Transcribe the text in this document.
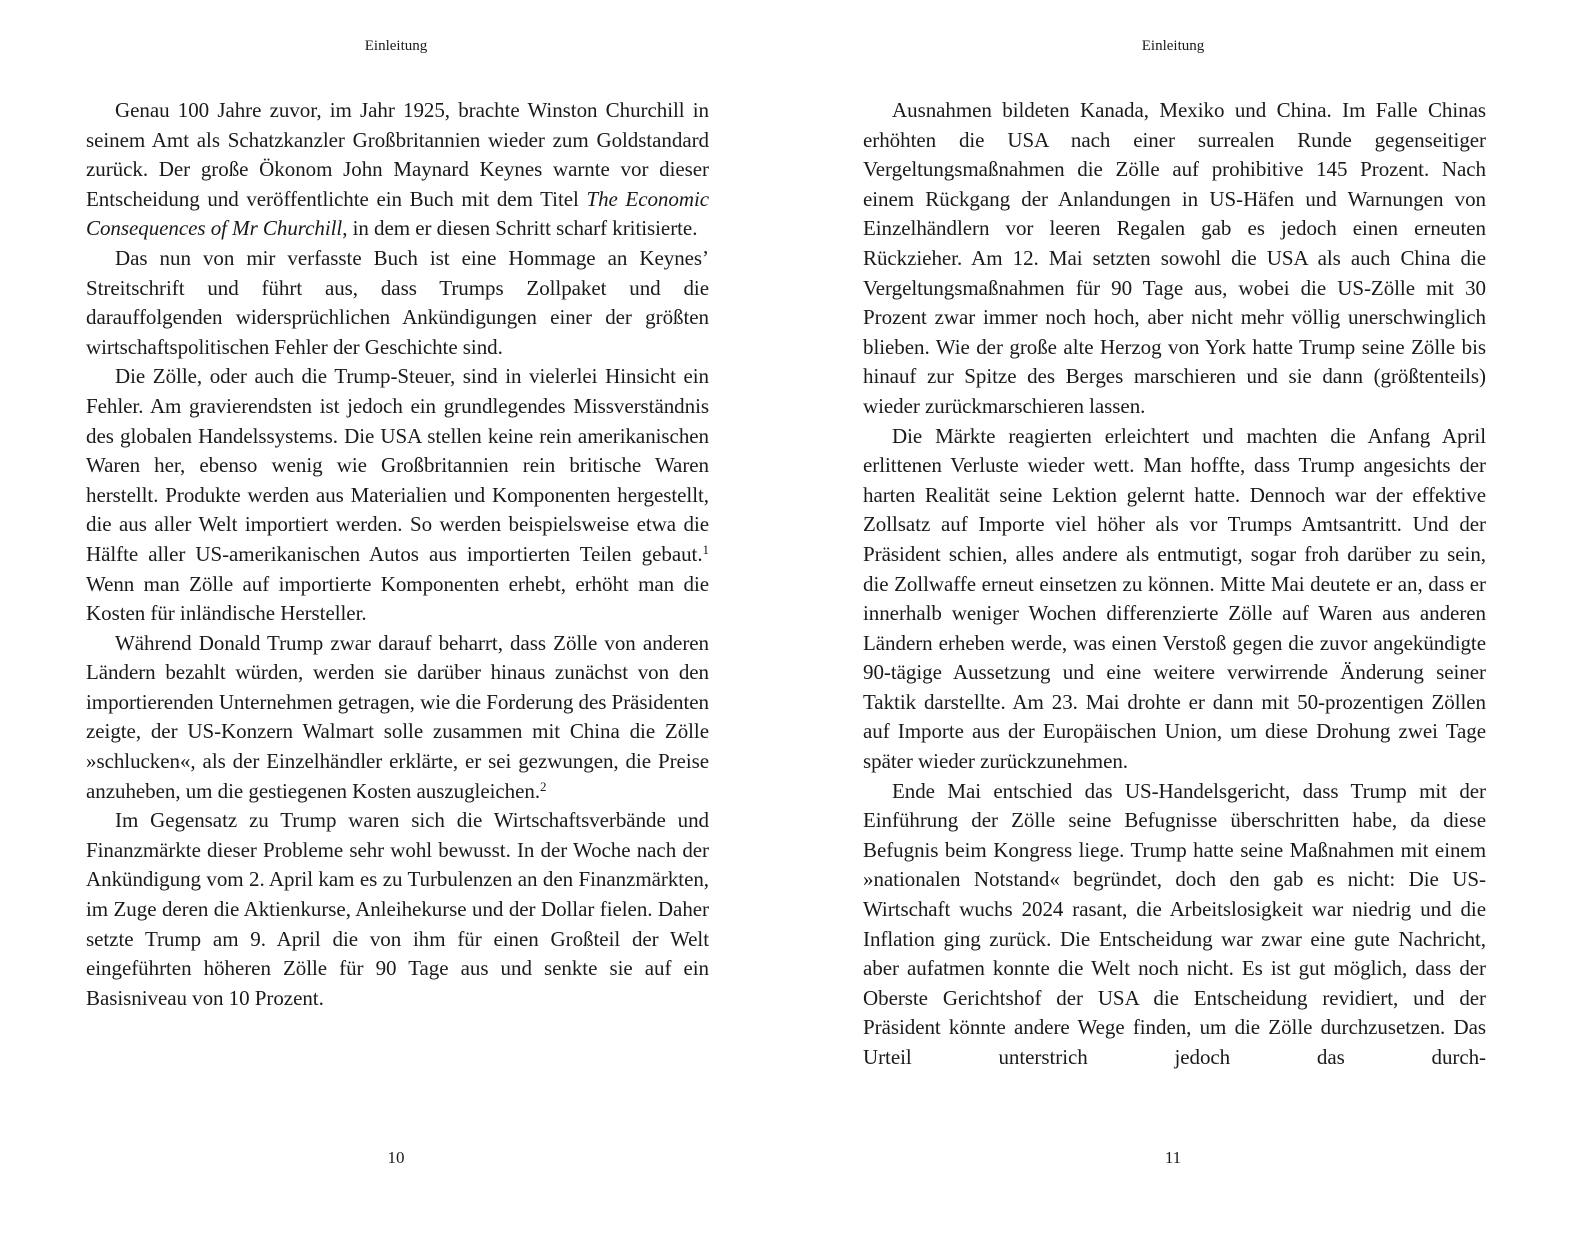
Einleitung

Genau 100 Jahre zuvor, im Jahr 1925, brachte Winston Churchill in seinem Amt als Schatzkanzler Großbritannien wieder zum Goldstandard zurück. Der große Ökonom John Maynard Keynes warnte vor dieser Entscheidung und veröffentlichte ein Buch mit dem Titel The Economic Consequences of Mr Churchill, in dem er diesen Schritt scharf kritisierte.

Das nun von mir verfasste Buch ist eine Hommage an Keynes’ Streitschrift und führt aus, dass Trumps Zollpaket und die darauffolgenden widersprüchlichen Ankündigungen einer der größten wirtschaftspolitischen Fehler der Geschichte sind.

Die Zölle, oder auch die Trump-Steuer, sind in vielerlei Hinsicht ein Fehler. Am gravierendsten ist jedoch ein grundlegendes Missverständnis des globalen Handelssystems. Die USA stellen keine rein amerikanischen Waren her, ebenso wenig wie Großbritannien rein britische Waren herstellt. Produkte werden aus Materialien und Komponenten hergestellt, die aus aller Welt importiert werden. So werden beispielsweise etwa die Hälfte aller US-amerikanischen Autos aus importierten Teilen gebaut.$^1$ Wenn man Zölle auf importierte Komponenten erhebt, erhöht man die Kosten für inländische Hersteller.

Während Donald Trump zwar darauf beharrt, dass Zölle von anderen Ländern bezahlt würden, werden sie darüber hinaus zunächst von den importierenden Unternehmen getragen, wie die Forderung des Präsidenten zeigte, der US-Konzern Walmart solle zusammen mit China die Zölle »schlucken«, als der Einzelhändler erklärte, er sei gezwungen, die Preise anzuheben, um die gestiegenen Kosten auszugleichen.$^2$

Im Gegensatz zu Trump waren sich die Wirtschaftsverbände und Finanzmärkte dieser Probleme sehr wohl bewusst. In der Woche nach der Ankündigung vom 2. April kam es zu Turbulenzen an den Finanzmärkten, im Zuge deren die Aktienkurse, Anleihekurse und der Dollar fielen. Daher setzte Trump am 9. April die von ihm für einen Großteil der Welt eingeführten höheren Zölle für 90 Tage aus und senkte sie auf ein Basisniveau von 10 Prozent.

10
Einleitung

Ausnahmen bildeten Kanada, Mexiko und China. Im Falle Chinas erhöhten die USA nach einer surrealen Runde gegenseitiger Vergeltungsmaßnahmen die Zölle auf prohibitive 145 Prozent. Nach einem Rückgang der Anlandungen in US-Häfen und Warnungen von Einzelhändlern vor leeren Regalen gab es jedoch einen erneuten Rückzieher. Am 12. Mai setzten sowohl die USA als auch China die Vergeltungsmaßnahmen für 90 Tage aus, wobei die US-Zölle mit 30 Prozent zwar immer noch hoch, aber nicht mehr völlig unerschwinglich blieben. Wie der große alte Herzog von York hatte Trump seine Zölle bis hinauf zur Spitze des Berges marschieren und sie dann (größtenteils) wieder zurückmarschieren lassen.

Die Märkte reagierten erleichtert und machten die Anfang April erlittenen Verluste wieder wett. Man hoffte, dass Trump angesichts der harten Realität seine Lektion gelernt hatte. Dennoch war der effektive Zollsatz auf Importe viel höher als vor Trumps Amtsantritt. Und der Präsident schien, alles andere als entmutigt, sogar froh darüber zu sein, die Zollwaffe erneut einsetzen zu können. Mitte Mai deutete er an, dass er innerhalb weniger Wochen differenzierte Zölle auf Waren aus anderen Ländern erheben werde, was einen Verstoß gegen die zuvor angekündigte 90-tägige Aussetzung und eine weitere verwirrende Änderung seiner Taktik darstellte. Am 23. Mai drohte er dann mit 50-prozentigen Zöllen auf Importe aus der Europäischen Union, um diese Drohung zwei Tage später wieder zurückzunehmen.

Ende Mai entschied das US-Handelsgericht, dass Trump mit der Einführung der Zölle seine Befugnisse überschritten habe, da diese Befugnis beim Kongress liege. Trump hatte seine Maßnahmen mit einem »nationalen Notstand« begründet, doch den gab es nicht: Die US-Wirtschaft wuchs 2024 rasant, die Arbeitslosigkeit war niedrig und die Inflation ging zurück. Die Entscheidung war zwar eine gute Nachricht, aber aufatmen konnte die Welt noch nicht. Es ist gut möglich, dass der Oberste Gerichtshof der USA die Entscheidung revidiert, und der Präsident könnte andere Wege finden, um die Zölle durchzusetzen. Das Urteil unterstrich jedoch das durch-

11
